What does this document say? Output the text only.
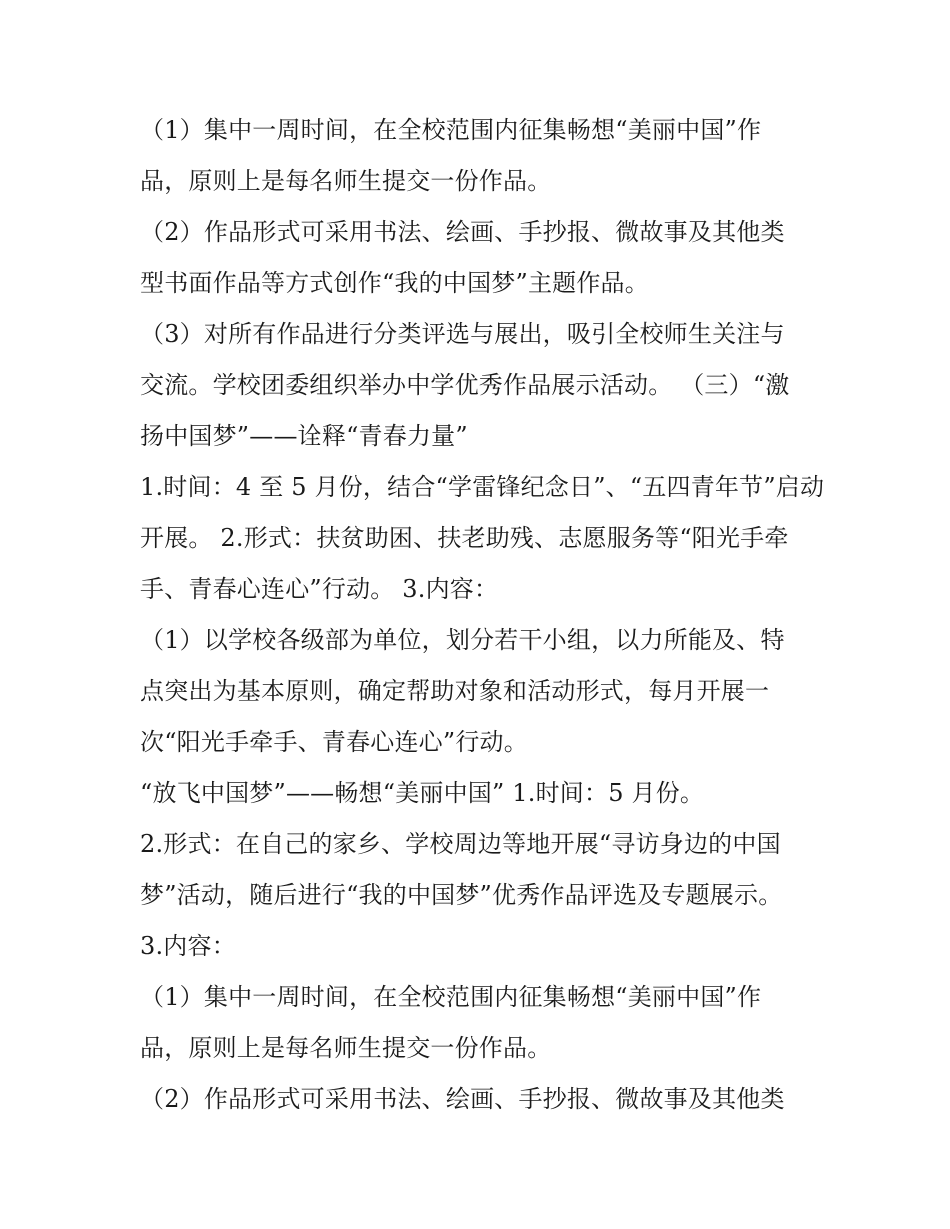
（1）集中一周时间，在全校范围内征集畅想“美丽中国”作
品，原则上是每名师生提交一份作品。
（2）作品形式可采用书法、绘画、手抄报、微故事及其他类
型书面作品等方式创作“我的中国梦”主题作品。
（3）对所有作品进行分类评选与展出，吸引全校师生关注与
交流。学校团委组织举办中学优秀作品展示活动。 （三）“激
扬中国梦”——诠释“青春力量”
1.时间：4 至 5 月份，结合“学雷锋纪念日”、“五四青年节”启动
开展。 2.形式：扶贫助困、扶老助残、志愿服务等“阳光手牵
手、青春心连心”行动。 3.内容：
（1）以学校各级部为单位，划分若干小组，以力所能及、特
点突出为基本原则，确定帮助对象和活动形式，每月开展一
次“阳光手牵手、青春心连心”行动。
“放飞中国梦”——畅想“美丽中国” 1.时间：5 月份。
2.形式：在自己的家乡、学校周边等地开展“寻访身边的中国
梦”活动，随后进行“我的中国梦”优秀作品评选及专题展示。
3.内容：
（1）集中一周时间，在全校范围内征集畅想“美丽中国”作
品，原则上是每名师生提交一份作品。
（2）作品形式可采用书法、绘画、手抄报、微故事及其他类
